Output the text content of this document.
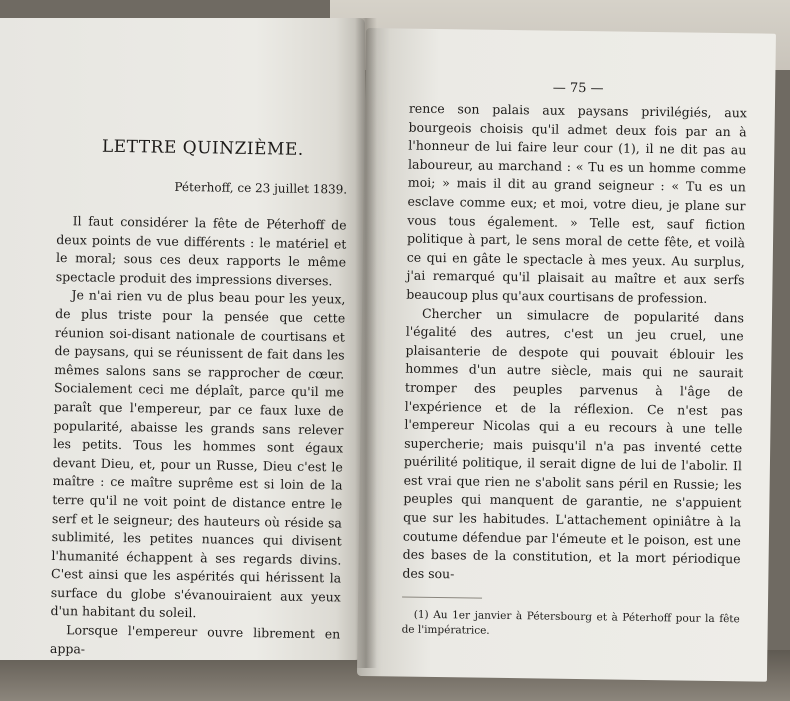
LETTRE QUINZIÈME.

Péterhoff, ce 23 juillet 1839.

Il faut considérer la fête de Péterhoff de deux points de vue différents : le matériel et le moral; sous ces deux rapports le même spectacle produit des impressions diverses.

Je n'ai rien vu de plus beau pour les yeux, de plus triste pour la pensée que cette réunion soi-disant nationale de courtisans et de paysans, qui se réunissent de fait dans les mêmes salons sans se rapprocher de cœur. Socialement ceci me déplaît, parce qu'il me paraît que l'empereur, par ce faux luxe de popularité, abaisse les grands sans relever les petits. Tous les hommes sont égaux devant Dieu, et, pour un Russe, Dieu c'est le maître : ce maître suprême est si loin de la terre qu'il ne voit point de distance entre le serf et le seigneur; des hauteurs où réside sa sublimité, les petites nuances qui divisent l'humanité échappent à ses regards divins. C'est ainsi que les aspérités qui hérissent la surface du globe s'évanouiraient aux yeux d'un habitant du soleil.

Lorsque l'empereur ouvre librement en appa-

— 75 —

rence son palais aux paysans privilégiés, aux bourgeois choisis qu'il admet deux fois par an à l'honneur de lui faire leur cour (1), il ne dit pas au laboureur, au marchand : « Tu es un homme comme moi; » mais il dit au grand seigneur : « Tu es un esclave comme eux; et moi, votre dieu, je plane sur vous tous également. » Telle est, sauf fiction politique à part, le sens moral de cette fête, et voilà ce qui en gâte le spectacle à mes yeux. Au surplus, j'ai remarqué qu'il plaisait au maître et aux serfs beaucoup plus qu'aux courtisans de profession.

Chercher un simulacre de popularité dans l'égalité des autres, c'est un jeu cruel, une plaisanterie de despote qui pouvait éblouir les hommes d'un autre siècle, mais qui ne saurait tromper des peuples parvenus à l'âge de l'expérience et de la réflexion. Ce n'est pas l'empereur Nicolas qui a eu recours à une telle supercherie; mais puisqu'il n'a pas inventé cette puérilité politique, il serait digne de lui de l'abolir. Il est vrai que rien ne s'abolit sans péril en Russie; les peuples qui manquent de garantie, ne s'appuient que sur les habitudes. L'attachement opiniâtre à la coutume défendue par l'émeute et le poison, est une des bases de la constitution, et la mort périodique des sou-

(1) Au 1er janvier à Pétersbourg et à Péterhoff pour la fête de l'impératrice.
